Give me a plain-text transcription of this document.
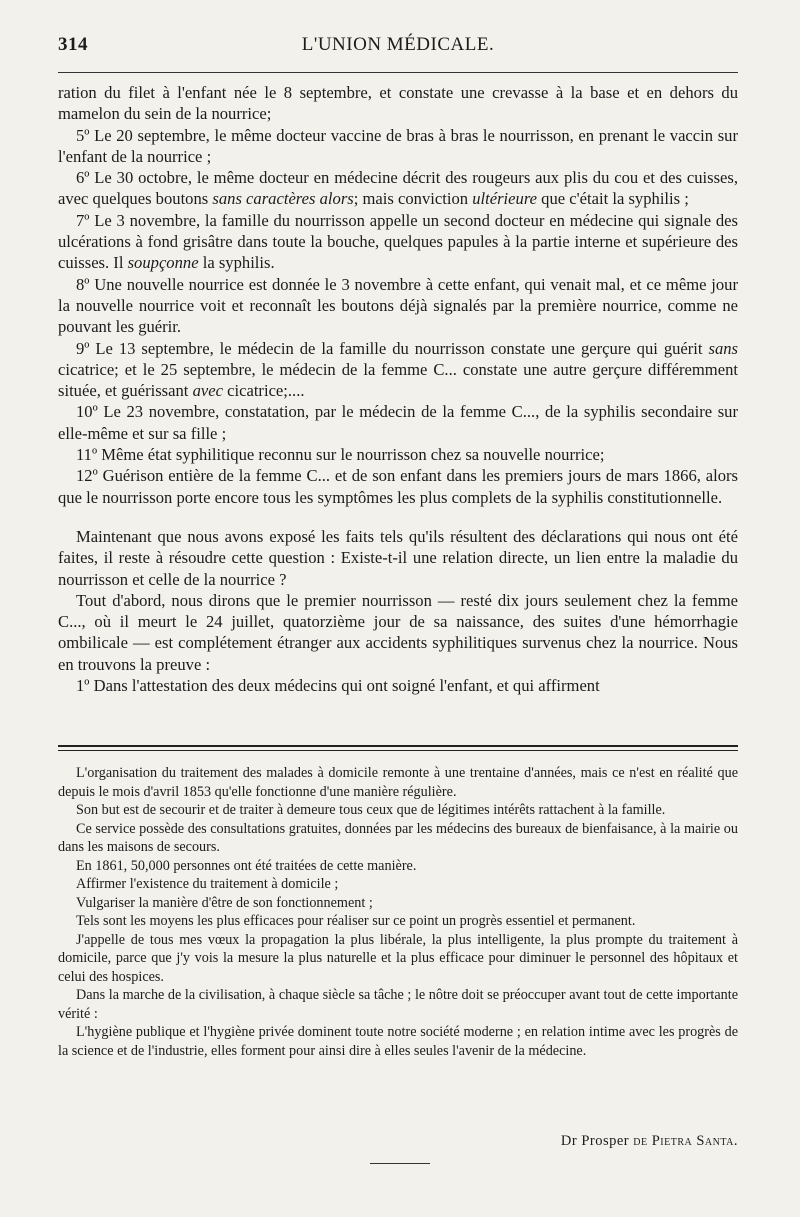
314	L'UNION MÉDICALE.

ration du filet à l'enfant née le 8 septembre, et constate une crevasse à la base et en dehors du mamelon du sein de la nourrice;

5º Le 20 septembre, le même docteur vaccine de bras à bras le nourrisson, en prenant le vaccin sur l'enfant de la nourrice ;

6º Le 30 octobre, le même docteur en médecine décrit des rougeurs aux plis du cou et des cuisses, avec quelques boutons sans caractères alors; mais conviction ultérieure que c'était la syphilis ;

7º Le 3 novembre, la famille du nourrisson appelle un second docteur en médecine qui signale des ulcérations à fond grisâtre dans toute la bouche, quelques papules à la partie interne et supérieure des cuisses. Il soupçonne la syphilis.

8º Une nouvelle nourrice est donnée le 3 novembre à cette enfant, qui venait mal, et ce même jour la nouvelle nourrice voit et reconnaît les boutons déjà signalés par la première nourrice, comme ne pouvant les guérir.

9º Le 13 septembre, le médecin de la famille du nourrisson constate une gerçure qui guérit sans cicatrice; et le 25 septembre, le médecin de la femme C... constate une autre gerçure différemment située, et guérissant avec cicatrice;....

10º Le 23 novembre, constatation, par le médecin de la femme C..., de la syphilis secondaire sur elle-même et sur sa fille ;

11º Même état syphilitique reconnu sur le nourrisson chez sa nouvelle nourrice;

12º Guérison entière de la femme C... et de son enfant dans les premiers jours de mars 1866, alors que le nourrisson porte encore tous les symptômes les plus complets de la syphilis constitutionnelle.

Maintenant que nous avons exposé les faits tels qu'ils résultent des déclarations qui nous ont été faites, il reste à résoudre cette question : Existe-t-il une relation directe, un lien entre la maladie du nourrisson et celle de la nourrice ?

Tout d'abord, nous dirons que le premier nourrisson — resté dix jours seulement chez la femme C..., où il meurt le 24 juillet, quatorzième jour de sa naissance, des suites d'une hémorrhagie ombilicale — est complétement étranger aux accidents syphilitiques survenus chez la nourrice. Nous en trouvons la preuve :

1º Dans l'attestation des deux médecins qui ont soigné l'enfant, et qui affirment

L'organisation du traitement des malades à domicile remonte à une trentaine d'années, mais ce n'est en réalité que depuis le mois d'avril 1853 qu'elle fonctionne d'une manière régulière.

Son but est de secourir et de traiter à demeure tous ceux que de légitimes intérêts rattachent à la famille.

Ce service possède des consultations gratuites, données par les médecins des bureaux de bienfaisance, à la mairie ou dans les maisons de secours.

En 1861, 50,000 personnes ont été traitées de cette manière.

Affirmer l'existence du traitement à domicile ;

Vulgariser la manière d'être de son fonctionnement ;

Tels sont les moyens les plus efficaces pour réaliser sur ce point un progrès essentiel et permanent.

J'appelle de tous mes vœux la propagation la plus libérale, la plus intelligente, la plus prompte du traitement à domicile, parce que j'y vois la mesure la plus naturelle et la plus efficace pour diminuer le personnel des hôpitaux et celui des hospices.

Dans la marche de la civilisation, à chaque siècle sa tâche ; le nôtre doit se préoccuper avant tout de cette importante vérité :

L'hygiène publique et l'hygiène privée dominent toute notre société moderne ; en relation intime avec les progrès de la science et de l'industrie, elles forment pour ainsi dire à elles seules l'avenir de la médecine.

Dr Prosper de Pietra Santa.
